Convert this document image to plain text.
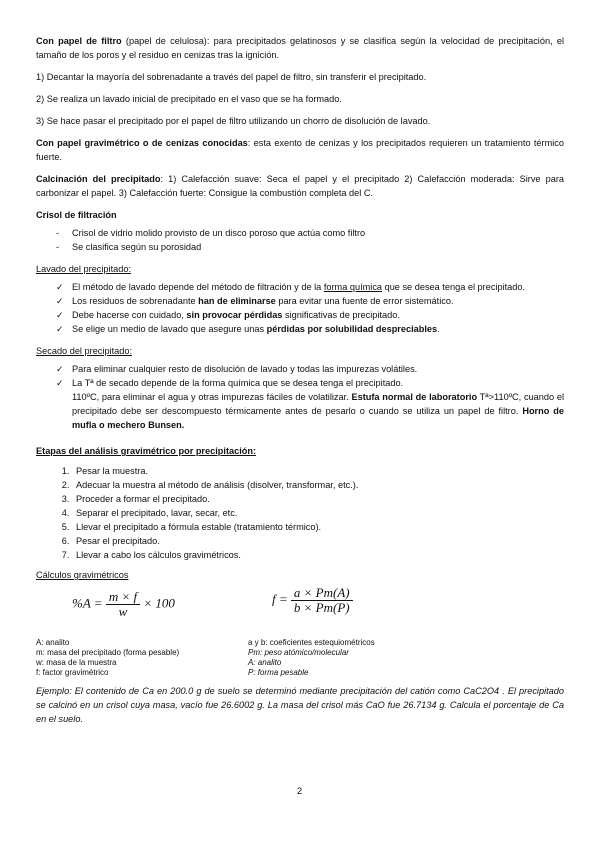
Con papel de filtro (papel de celulosa): para precipitados gelatinosos y se clasifica según la velocidad de precipitación, el tamaño de los poros y el residuo en cenizas tras la ignición.

1) Decantar la mayoría del sobrenadante a través del papel de filtro, sin transferir el precipitado.

2) Se realiza un lavado inicial de precipitado en el vaso que se ha formado.

3) Se hace pasar el precipitado por el papel de filtro utilizando un chorro de disolución de lavado.

Con papel gravimétrico o de cenizas conocidas: esta exento de cenizas y los precipitados requieren un tratamiento térmico fuerte.

Calcinación del precipitado: 1) Calefacción suave: Seca el papel y el precipitado 2) Calefacción moderada: Sirve para carbonizar el papel. 3) Calefacción fuerte: Consigue la combustión completa del C.

Crisol de filtración
- Crisol de vidrio molido provisto de un disco poroso que actúa como filtro
- Se clasifica según su porosidad
Lavado del precipitado:
✓ El método de lavado depende del método de filtración y de la forma química que se desea tenga el precipitado.
✓ Los residuos de sobrenadante han de eliminarse para evitar una fuente de error sistemático.
✓ Debe hacerse con cuidado, sin provocar pérdidas significativas de precipitado.
✓ Se elige un medio de lavado que asegure unas pérdidas por solubilidad despreciables.
Secado del precipitado:
✓ Para eliminar cualquier resto de disolución de lavado y todas las impurezas volátiles.
✓ La Tª de secado depende de la forma química que se desea tenga el precipitado.
110ºC, para eliminar el agua y otras impurezas fáciles de volatilizar. Estufa normal de laboratorio Tª>110ºC, cuando el precipitado debe ser descompuesto térmicamente antes de pesarlo o cuando se utiliza un papel de filtro. Horno de mufla o mechero Bunsen.
Etapas del análisis gravimétrico por precipitación:
1. Pesar la muestra.
2. Adecuar la muestra al método de análisis (disolver, transformar, etc.).
3. Proceder a formar el precipitado.
4. Separar el precipitado, lavar, secar, etc.
5. Llevar el precipitado a fórmula estable (tratamiento térmico).
6. Pesar el precipitado.
7. Llevar a cabo los cálculos gravimétricos.
Cálculos gravimétricos
$\%A = \frac{m \times f}{w} \times 100$	$f = \frac{a \times Pm(A)}{b \times Pm(P)}$
A: analito
m: masa del precipitado (forma pesable)
w: masa de la muestra
f: factor gravimétrico
a y b: coeficientes estequiométricos
Pm: peso atómico/molecular
A: analito
P: forma pesable

Ejemplo: El contenido de Ca en 200.0 g de suelo se determinó mediante precipitación del catión como CaC2O4 . El precipitado se calcinó en un crisol cuya masa, vacío fue 26.6002 g. La masa del crisol más CaO fue 26.7134 g. Calcula el porcentaje de Ca en el suelo.

2
